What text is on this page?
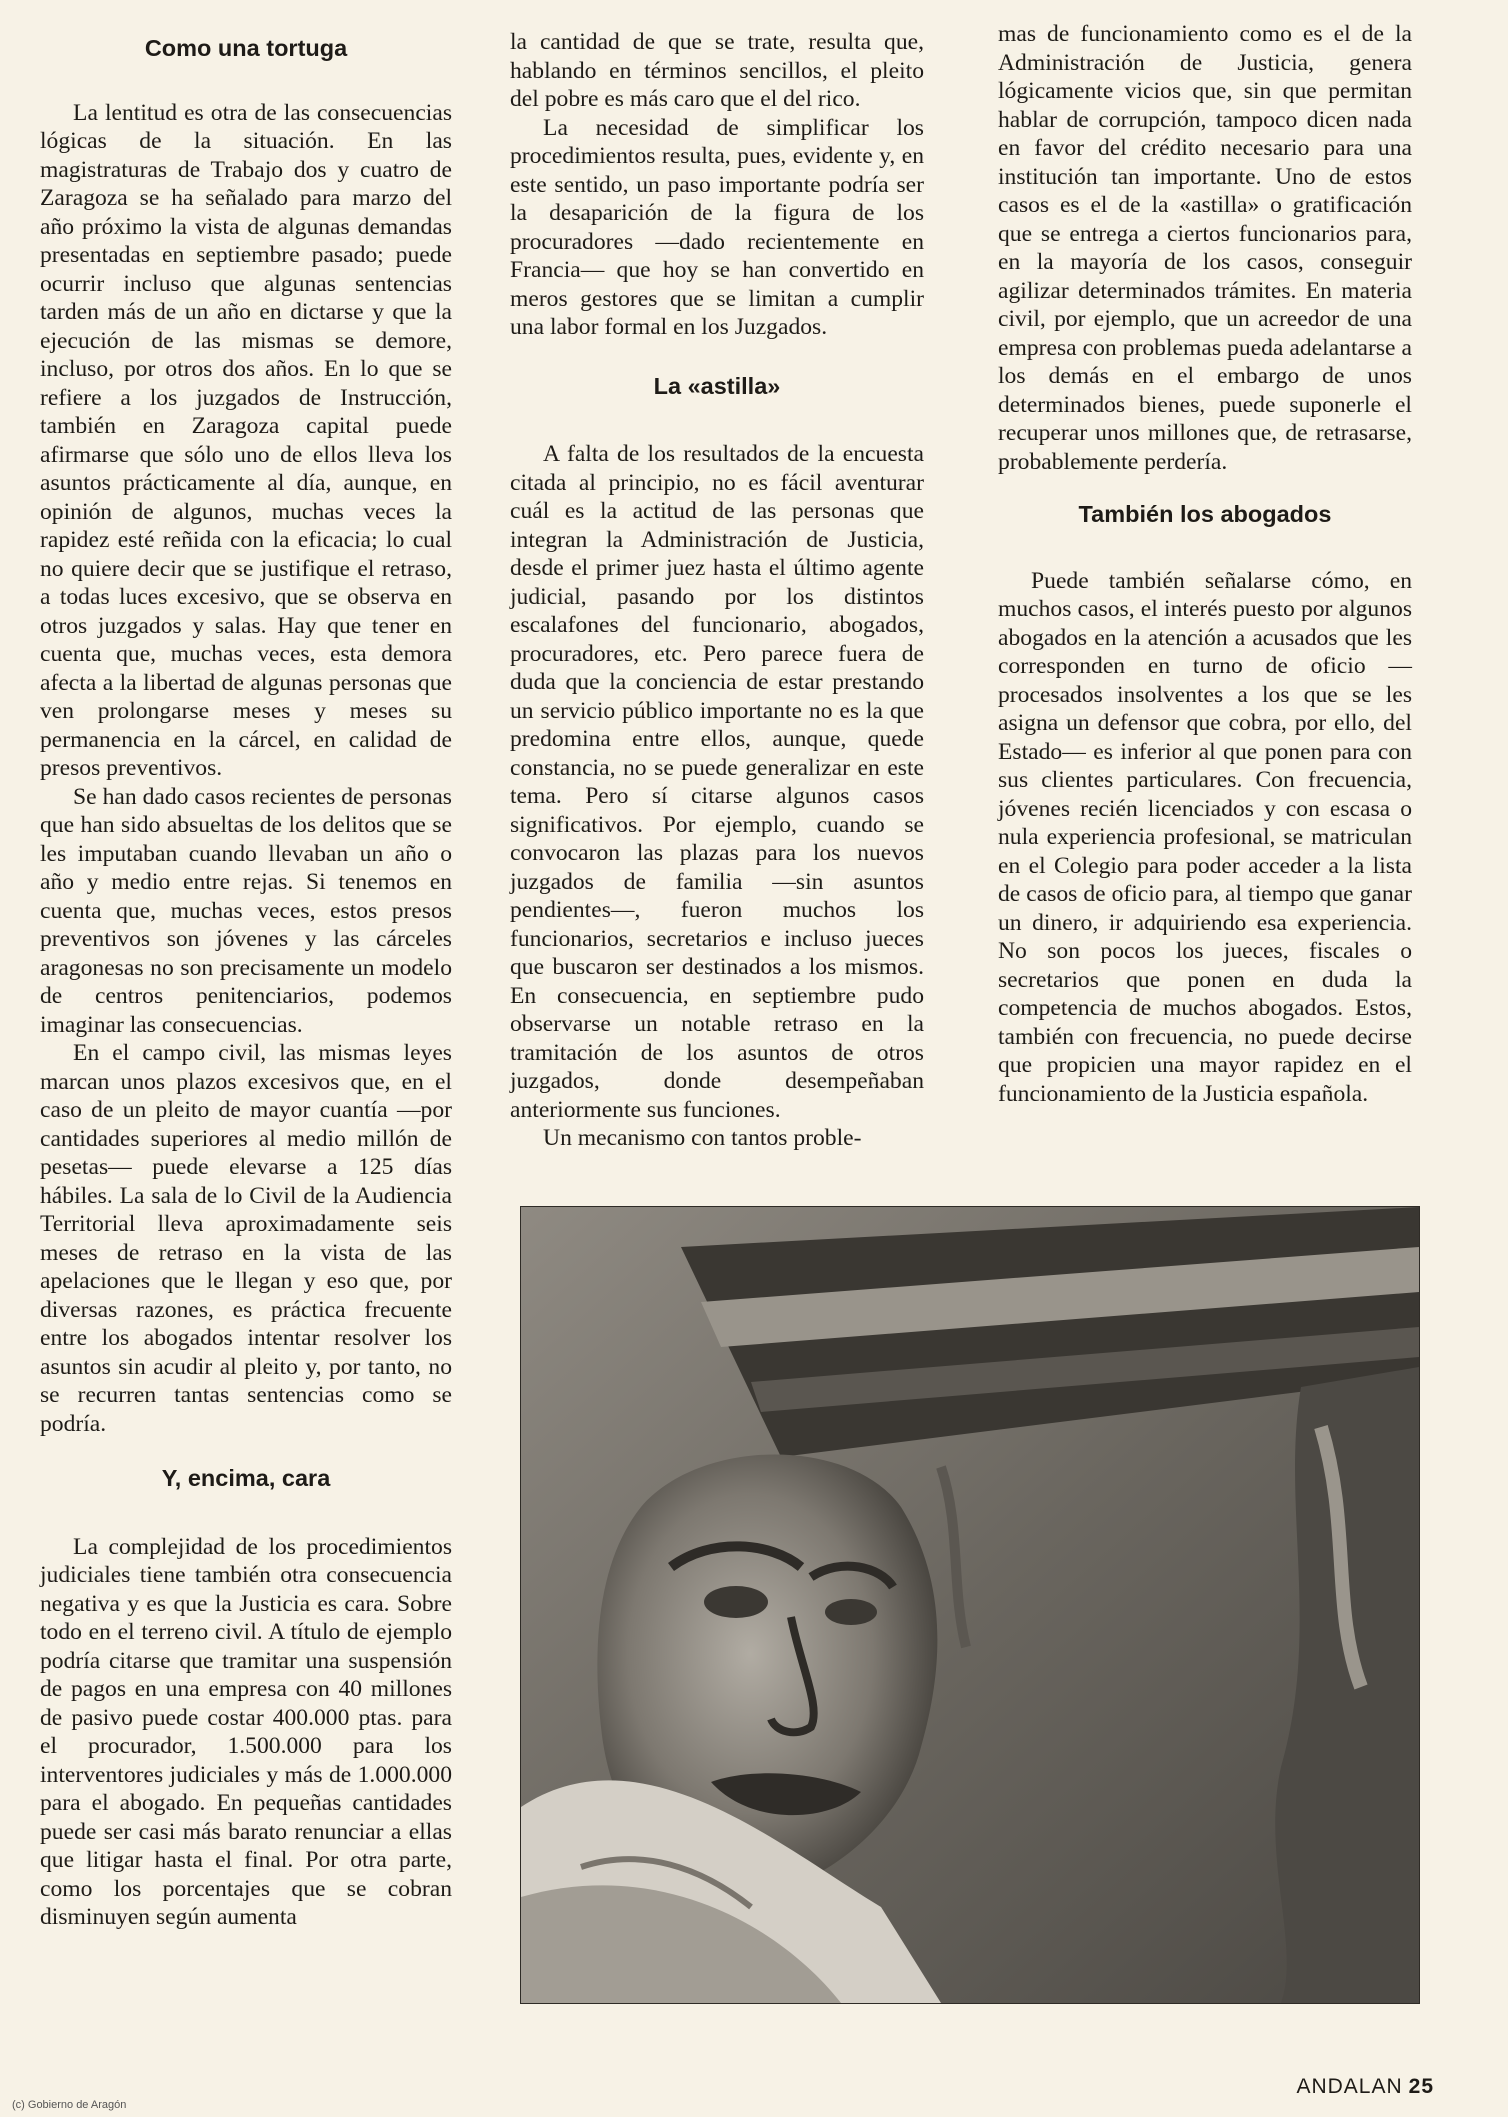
Como una tortuga

La lentitud es otra de las consecuencias lógicas de la situación. En las magistraturas de Trabajo dos y cuatro de Zaragoza se ha señalado para marzo del año próximo la vista de algunas demandas presentadas en septiembre pasado; puede ocurrir incluso que algunas sentencias tarden más de un año en dictarse y que la ejecución de las mismas se demore, incluso, por otros dos años. En lo que se refiere a los juzgados de Instrucción, también en Zaragoza capital puede afirmarse que sólo uno de ellos lleva los asuntos prácticamente al día, aunque, en opinión de algunos, muchas veces la rapidez esté reñida con la eficacia; lo cual no quiere decir que se justifique el retraso, a todas luces excesivo, que se observa en otros juzgados y salas. Hay que tener en cuenta que, muchas veces, esta demora afecta a la libertad de algunas personas que ven prolongarse meses y meses su permanencia en la cárcel, en calidad de presos preventivos.

Se han dado casos recientes de personas que han sido absueltas de los delitos que se les imputaban cuando llevaban un año o año y medio entre rejas. Si tenemos en cuenta que, muchas veces, estos presos preventivos son jóvenes y las cárceles aragonesas no son precisamente un modelo de centros penitenciarios, podemos imaginar las consecuencias.

En el campo civil, las mismas leyes marcan unos plazos excesivos que, en el caso de un pleito de mayor cuantía —por cantidades superiores al medio millón de pesetas— puede elevarse a 125 días hábiles. La sala de lo Civil de la Audiencia Territorial lleva aproximadamente seis meses de retraso en la vista de las apelaciones que le llegan y eso que, por diversas razones, es práctica frecuente entre los abogados intentar resolver los asuntos sin acudir al pleito y, por tanto, no se recurren tantas sentencias como se podría.

Y, encima, cara

La complejidad de los procedimientos judiciales tiene también otra consecuencia negativa y es que la Justicia es cara. Sobre todo en el terreno civil. A título de ejemplo podría citarse que tramitar una suspensión de pagos en una empresa con 40 millones de pasivo puede costar 400.000 ptas. para el procurador, 1.500.000 para los interventores judiciales y más de 1.000.000 para el abogado. En pequeñas cantidades puede ser casi más barato renunciar a ellas que litigar hasta el final. Por otra parte, como los porcentajes que se cobran disminuyen según aumenta

la cantidad de que se trate, resulta que, hablando en términos sencillos, el pleito del pobre es más caro que el del rico.

La necesidad de simplificar los procedimientos resulta, pues, evidente y, en este sentido, un paso importante podría ser la desaparición de la figura de los procuradores —dado recientemente en Francia— que hoy se han convertido en meros gestores que se limitan a cumplir una labor formal en los Juzgados.

La «astilla»

A falta de los resultados de la encuesta citada al principio, no es fácil aventurar cuál es la actitud de las personas que integran la Administración de Justicia, desde el primer juez hasta el último agente judicial, pasando por los distintos escalafones del funcionario, abogados, procuradores, etc. Pero parece fuera de duda que la conciencia de estar prestando un servicio público importante no es la que predomina entre ellos, aunque, quede constancia, no se puede generalizar en este tema. Pero sí citarse algunos casos significativos. Por ejemplo, cuando se convocaron las plazas para los nuevos juzgados de familia —sin asuntos pendientes—, fueron muchos los funcionarios, secretarios e incluso jueces que buscaron ser destinados a los mismos. En consecuencia, en septiembre pudo observarse un notable retraso en la tramitación de los asuntos de otros juzgados, donde desempeñaban anteriormente sus funciones.

Un mecanismo con tantos proble-

mas de funcionamiento como es el de la Administración de Justicia, genera lógicamente vicios que, sin que permitan hablar de corrupción, tampoco dicen nada en favor del crédito necesario para una institución tan importante. Uno de estos casos es el de la «astilla» o gratificación que se entrega a ciertos funcionarios para, en la mayoría de los casos, conseguir agilizar determinados trámites. En materia civil, por ejemplo, que un acreedor de una empresa con problemas pueda adelantarse a los demás en el embargo de unos determinados bienes, puede suponerle el recuperar unos millones que, de retrasarse, probablemente perdería.

También los abogados

Puede también señalarse cómo, en muchos casos, el interés puesto por algunos abogados en la atención a acusados que les corresponden en turno de oficio —procesados insolventes a los que se les asigna un defensor que cobra, por ello, del Estado— es inferior al que ponen para con sus clientes particulares. Con frecuencia, jóvenes recién licenciados y con escasa o nula experiencia profesional, se matriculan en el Colegio para poder acceder a la lista de casos de oficio para, al tiempo que ganar un dinero, ir adquiriendo esa experiencia. No son pocos los jueces, fiscales o secretarios que ponen en duda la competencia de muchos abogados. Estos, también con frecuencia, no puede decirse que propicien una mayor rapidez en el funcionamiento de la Justicia española.

ANDALAN 25
(c) Gobierno de Aragón
